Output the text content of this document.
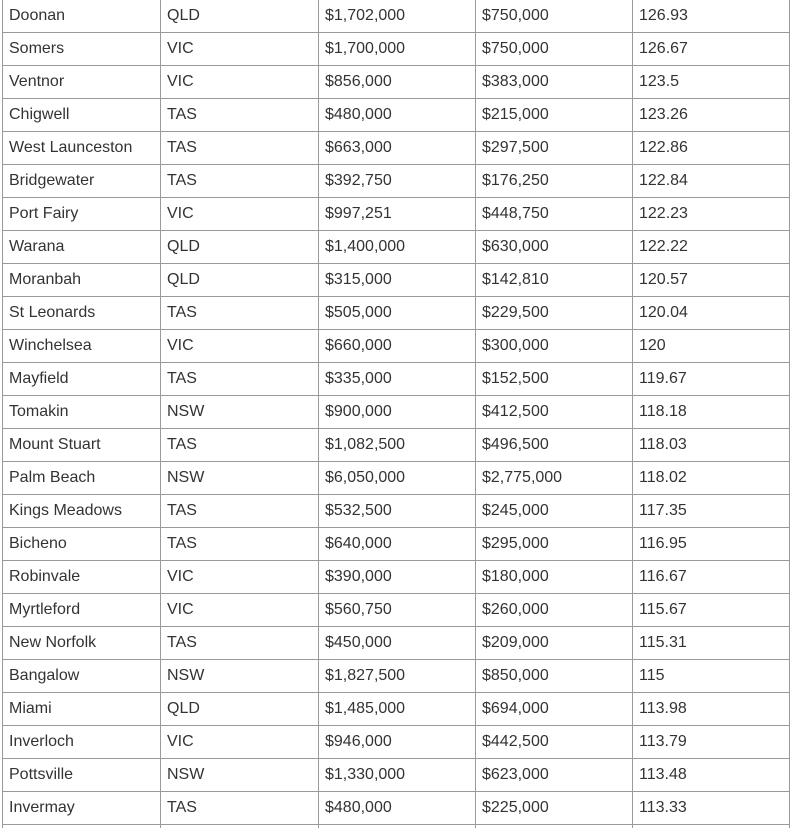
Doonan	QLD	$1,702,000	$750,000	126.93
Somers	VIC	$1,700,000	$750,000	126.67
Ventnor	VIC	$856,000	$383,000	123.5
Chigwell	TAS	$480,000	$215,000	123.26
West Launceston	TAS	$663,000	$297,500	122.86
Bridgewater	TAS	$392,750	$176,250	122.84
Port Fairy	VIC	$997,251	$448,750	122.23
Warana	QLD	$1,400,000	$630,000	122.22
Moranbah	QLD	$315,000	$142,810	120.57
St Leonards	TAS	$505,000	$229,500	120.04
Winchelsea	VIC	$660,000	$300,000	120
Mayfield	TAS	$335,000	$152,500	119.67
Tomakin	NSW	$900,000	$412,500	118.18
Mount Stuart	TAS	$1,082,500	$496,500	118.03
Palm Beach	NSW	$6,050,000	$2,775,000	118.02
Kings Meadows	TAS	$532,500	$245,000	117.35
Bicheno	TAS	$640,000	$295,000	116.95
Robinvale	VIC	$390,000	$180,000	116.67
Myrtleford	VIC	$560,750	$260,000	115.67
New Norfolk	TAS	$450,000	$209,000	115.31
Bangalow	NSW	$1,827,500	$850,000	115
Miami	QLD	$1,485,000	$694,000	113.98
Inverloch	VIC	$946,000	$442,500	113.79
Pottsville	NSW	$1,330,000	$623,000	113.48
Invermay	TAS	$480,000	$225,000	113.33
